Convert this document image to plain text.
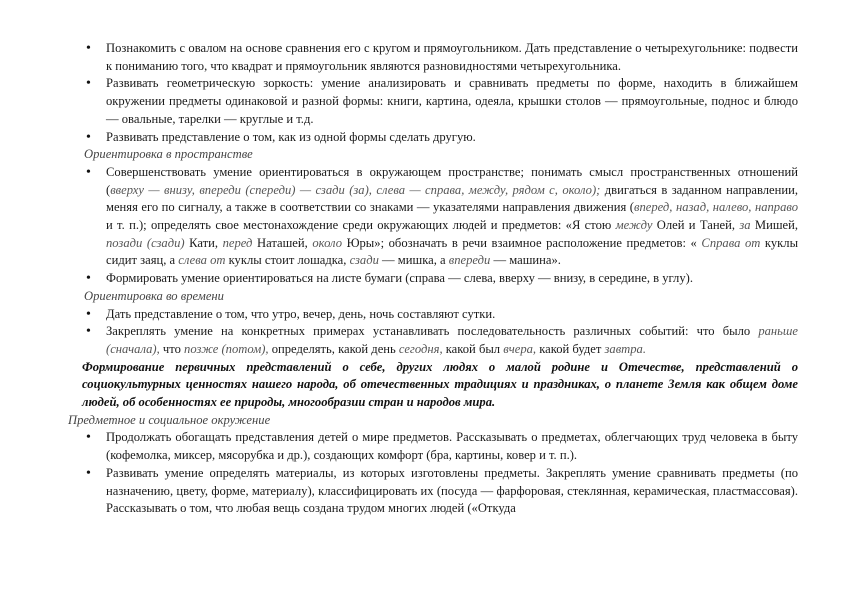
• Познакомить с овалом на основе сравнения его с кругом и прямоугольником. Дать представление о четырехугольнике: подвести к пониманию того, что квадрат и прямоугольник являются разновидностями четырехугольника.
• Развивать геометрическую зоркость: умение анализировать и сравнивать предметы по форме, находить в ближайшем окружении предметы одинаковой и разной формы: книги, картина, одеяла, крышки столов — прямоугольные, поднос и блюдо — овальные, тарелки — круглые и т.д.
• Развивать представление о том, как из одной формы сделать другую.
Ориентировка в пространстве
• Совершенствовать умение ориентироваться в окружающем пространстве; понимать смысл пространственных отношений (вверху — внизу, впереди (спереди) — сзади (за), слева — справа, между, рядом с, около); двигаться в заданном направлении, меняя его по сигналу, а также в соответствии со знаками — указателями направления движения (вперед, назад, налево, направо и т. п.); определять свое местонахождение среди окружающих людей и предметов: «Я стою между Олей и Таней, за Мишей, позади (сзади) Кати, перед Наташей, около Юры»; обозначать в речи взаимное расположение предметов: « Справа от куклы сидит заяц, а слева от куклы стоит лошадка, сзади — мишка, а впереди — машина».
• Формировать умение ориентироваться на листе бумаги (справа — слева, вверху — внизу, в середине, в углу).
Ориентировка во времени
• Дать представление о том, что утро, вечер, день, ночь составляют сутки.
• Закреплять умение на конкретных примерах устанавливать последовательность различных событий: что было раньше (сначала), что позже (потом), определять, какой день сегодня, какой был вчера, какой будет завтра.
Формирование первичных представлений о себе, других людях о малой родине и Отечестве, представлений о социокультурных ценностях нашего народа, об отечественных традициях и праздниках, о планете Земля как общем доме людей, об особенностях ее природы, многообразии стран и народов мира.
Предметное и социальное окружение
• Продолжать обогащать представления детей о мире предметов. Рассказывать о предметах, облегчающих труд человека в быту (кофемолка, миксер, мясорубка и др.), создающих комфорт (бра, картины, ковер и т. п.).
• Развивать умение определять материалы, из которых изготовлены предметы. Закреплять умение сравнивать предметы (по назначению, цвету, форме, материалу), классифицировать их (посуда — фарфоровая, стеклянная, керамическая, пластмассовая). Рассказывать о том, что любая вещь создана трудом многих людей («Откуда
